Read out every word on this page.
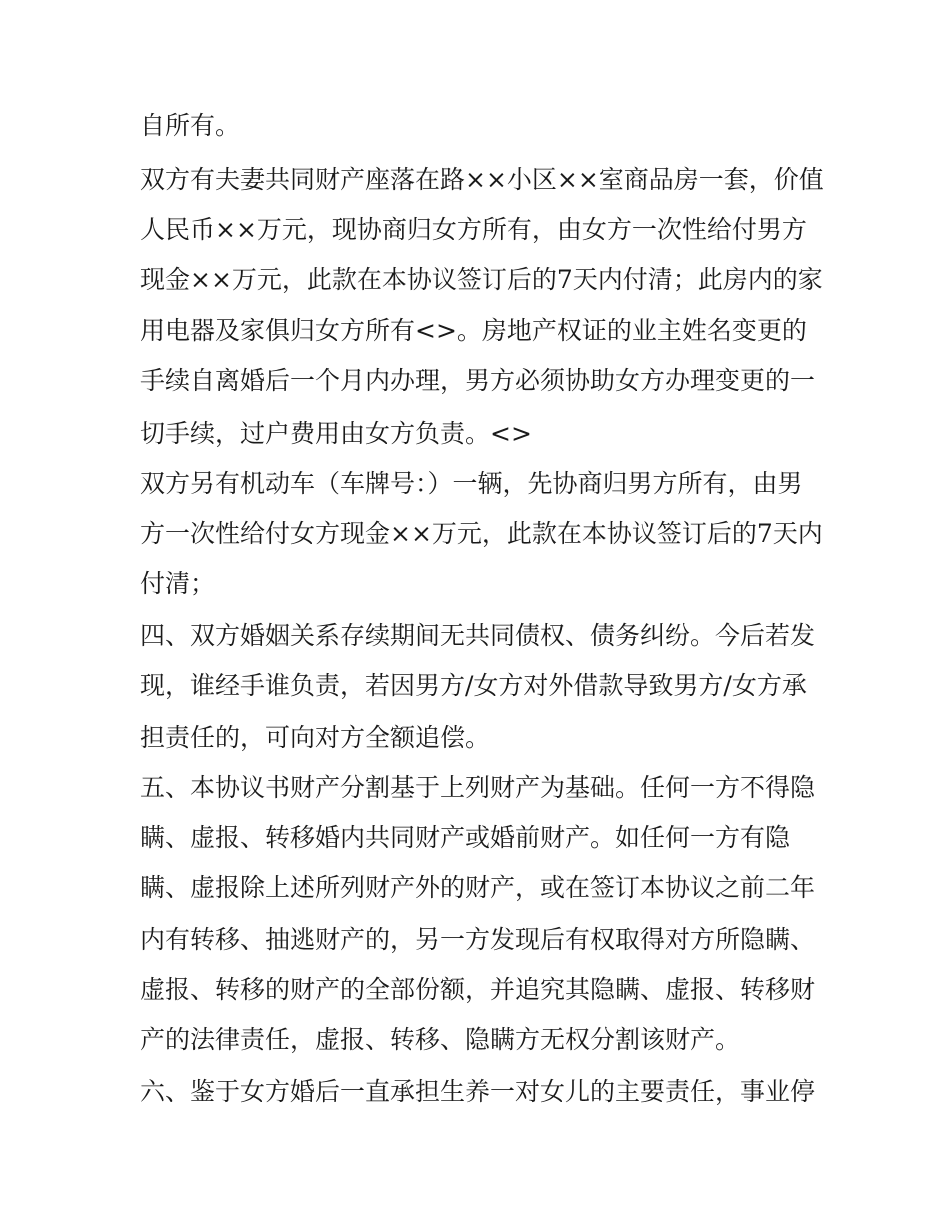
自所有。
双方有夫妻共同财产座落在路××小区××室商品房一套，价值
人民币××万元，现协商归女方所有，由女方一次性给付男方
现金××万元，此款在本协议签订后的7天内付清；此房内的家
用电器及家俱归女方所有<>。房地产权证的业主姓名变更的
手续自离婚后一个月内办理，男方必须协助女方办理变更的一
切手续，过户费用由女方负责。<>
双方另有机动车（车牌号：）一辆，先协商归男方所有，由男
方一次性给付女方现金××万元，此款在本协议签订后的7天内
付清；
四、双方婚姻关系存续期间无共同债权、债务纠纷。今后若发
现，谁经手谁负责，若因男方/女方对外借款导致男方/女方承
担责任的，可向对方全额追偿。
五、本协议书财产分割基于上列财产为基础。任何一方不得隐
瞒、虚报、转移婚内共同财产或婚前财产。如任何一方有隐
瞒、虚报除上述所列财产外的财产，或在签订本协议之前二年
内有转移、抽逃财产的，另一方发现后有权取得对方所隐瞒、
虚报、转移的财产的全部份额，并追究其隐瞒、虚报、转移财
产的法律责任，虚报、转移、隐瞒方无权分割该财产。
六、鉴于女方婚后一直承担生养一对女儿的主要责任，事业停
